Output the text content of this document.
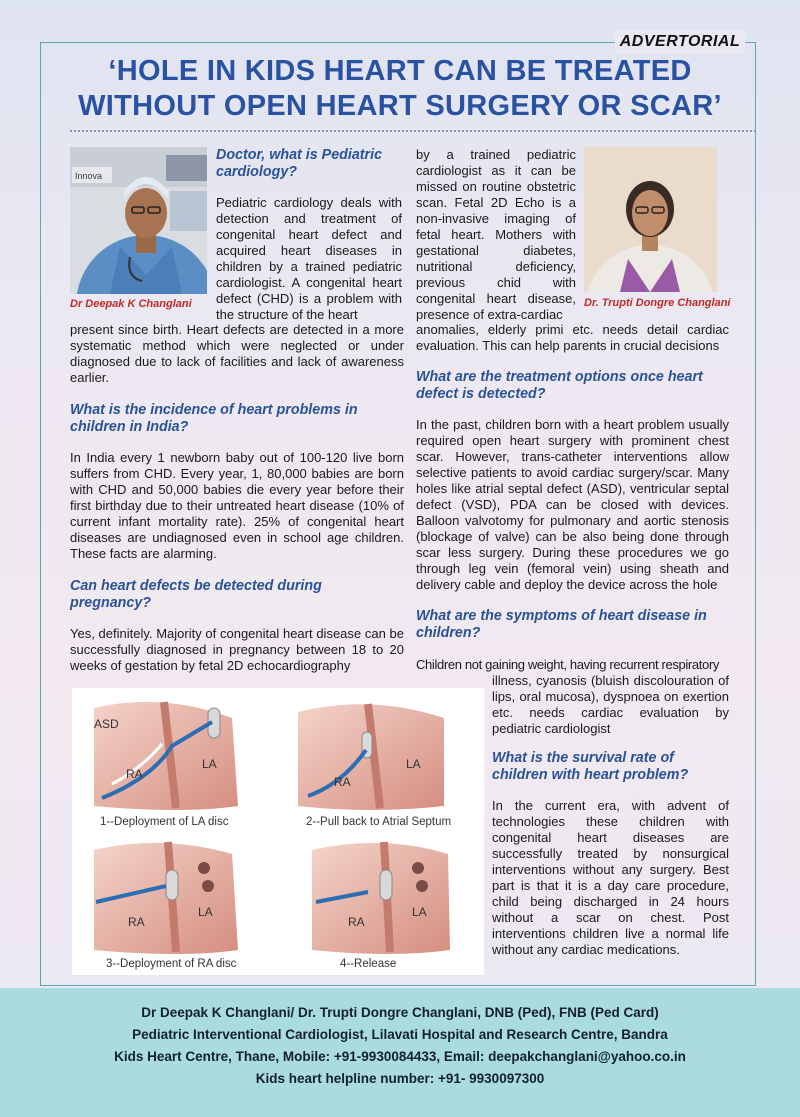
ADVERTORIAL
‘HOLE IN KIDS HEART CAN BE TREATED
WITHOUT OPEN HEART SURGERY OR SCAR’
Innova
Dr Deepak K Changlani	Dr. Trupti Dongre Changlani
Doctor, what is Pediatric
cardiology?
Pediatric cardiology deals with detection and treatment of congenital heart defect and acquired heart diseases in children by a trained pediatric cardiologist. A congenital heart defect (CHD) is a problem with the structure of the heart
present since birth. Heart defects are detected in a more systematic method which were neglected or under diagnosed due to lack of facilities and lack of awareness earlier.
What is the incidence of heart problems in
children in India?
In India every 1 newborn baby out of 100-120 live born suffers from CHD. Every year, 1, 80,000 babies are born with CHD and 50,000 babies die every year before their first birthday due to their untreated heart disease (10% of current infant mortality rate). 25% of congenital heart diseases are undiagnosed even in school age children. These facts are alarming.
Can heart defects be detected during
pregnancy?
Yes, definitely. Majority of congenital heart disease can be successfully diagnosed in pregnancy between 18 to 20 weeks of gestation by fetal 2D echocardiography
by a trained pediatric cardiologist as it can be missed on routine obstetric scan. Fetal 2D Echo is a non-invasive imaging of fetal heart. Mothers with gestational diabetes, nutritional deficiency, previous chid with congenital heart disease, presence of extra-cardiac
anomalies, elderly primi etc. needs detail cardiac evaluation. This can help parents in crucial decisions
What are the treatment options once heart
defect is detected?
In the past, children born with a heart problem usually required open heart surgery with prominent chest scar. However, trans-catheter interventions allow selective patients to avoid cardiac surgery/scar. Many holes like atrial septal defect (ASD), ventricular septal defect (VSD), PDA can be closed with devices. Balloon valvotomy for pulmonary and aortic stenosis (blockage of valve) can be also being done through scar less surgery. During these procedures we go through leg vein (femoral vein) using sheath and delivery cable and deploy the device across the hole
What are the symptoms of heart disease in
children?
Children not gaining weight, having recurrent respiratory
illness, cyanosis (bluish discolouration of lips, oral mucosa), dyspnoea on exertion etc. needs cardiac evaluation by pediatric cardiologist
What is the survival rate of
children with heart problem?
In the current era, with advent of technologies these children with congenital heart diseases are successfully treated by nonsurgical interventions without any surgery. Best part is that it is a day care procedure, child being discharged in 24 hours without a scar on chest. Post interventions children live a normal life without any cardiac medications.
ASD
RA
LA
1--Deployment of LA disc
RA
LA
2--Pull back to Atrial Septum
RA
LA
3--Deployment of RA disc
RA
LA
4--Release
Dr Deepak K Changlani/ Dr. Trupti Dongre Changlani, DNB (Ped), FNB (Ped Card)
Pediatric Interventional Cardiologist, Lilavati Hospital and Research Centre, Bandra
Kids Heart Centre, Thane, Mobile: +91-9930084433, Email: deepakchanglani@yahoo.co.in
Kids heart helpline number: +91- 9930097300
